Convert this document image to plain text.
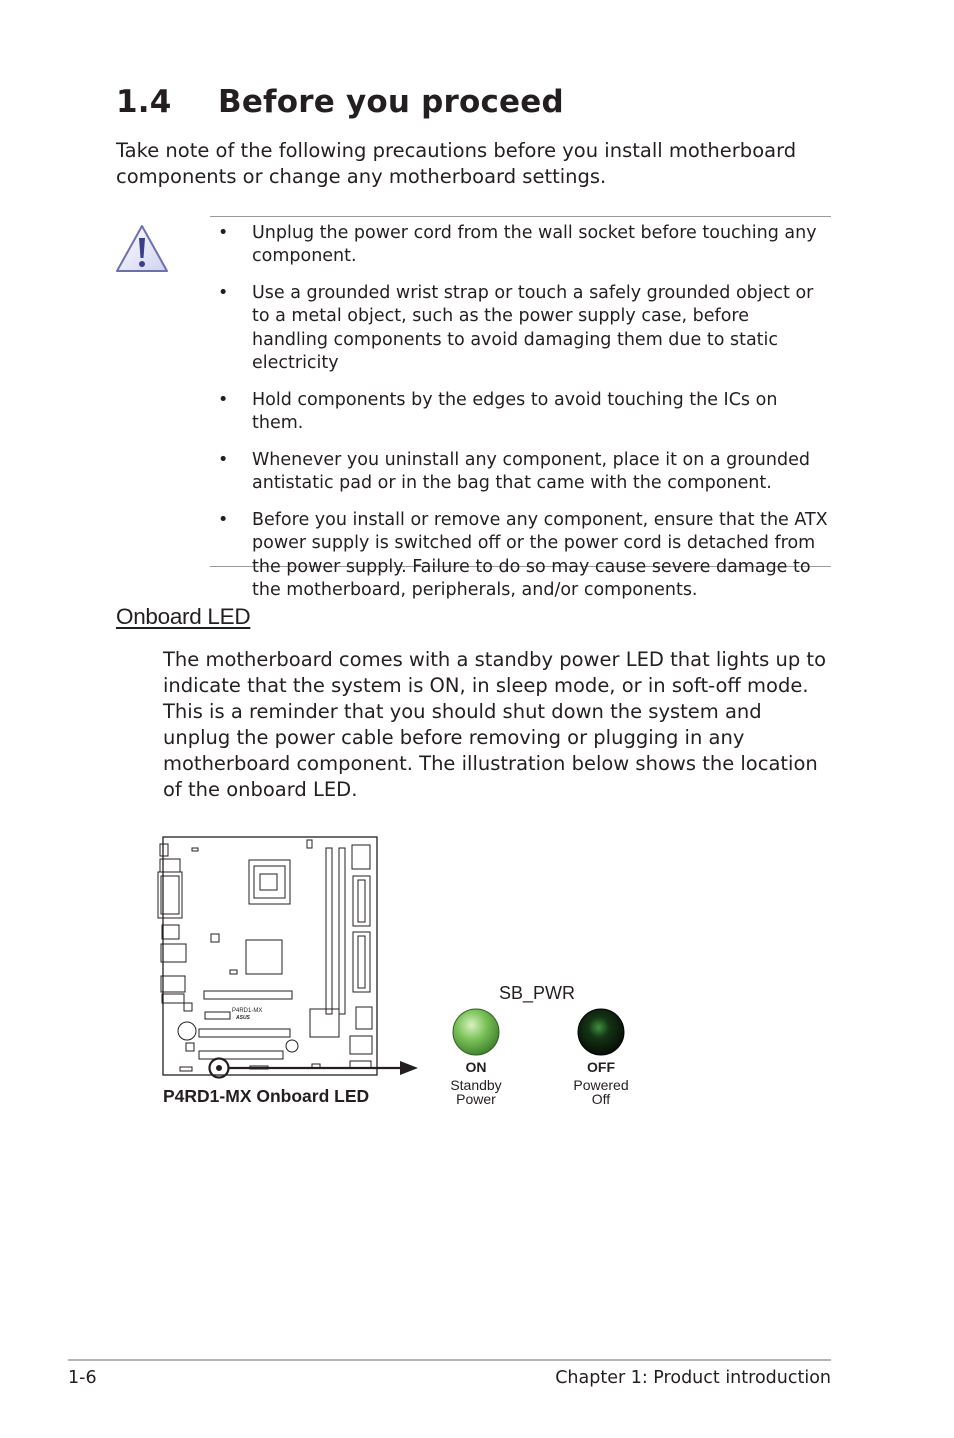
1.4 Before you proceed

Take note of the following precautions before you install motherboard components or change any motherboard settings.

• Unplug the power cord from the wall socket before touching any component.
• Use a grounded wrist strap or touch a safely grounded object or to a metal object, such as the power supply case, before handling components to avoid damaging them due to static electricity
• Hold components by the edges to avoid touching the ICs on them.
• Whenever you uninstall any component, place it on a grounded antistatic pad or in the bag that came with the component.
• Before you install or remove any component, ensure that the ATX power supply is switched off or the power cord is detached from the power supply. Failure to do so may cause severe damage to the motherboard, peripherals, and/or components.
Onboard LED

The motherboard comes with a standby power LED that lights up to indicate that the system is ON, in sleep mode, or in soft-off mode. This is a reminder that you should shut down the system and unplug the power cable before removing or plugging in any motherboard component. The illustration below shows the location of the onboard LED.

P4RD1-MX
ASUS
SB_PWR
ON
Standby
Power
OFF
Powered
Off
P4RD1-MX Onboard LED
1-6	Chapter 1: Product introduction
